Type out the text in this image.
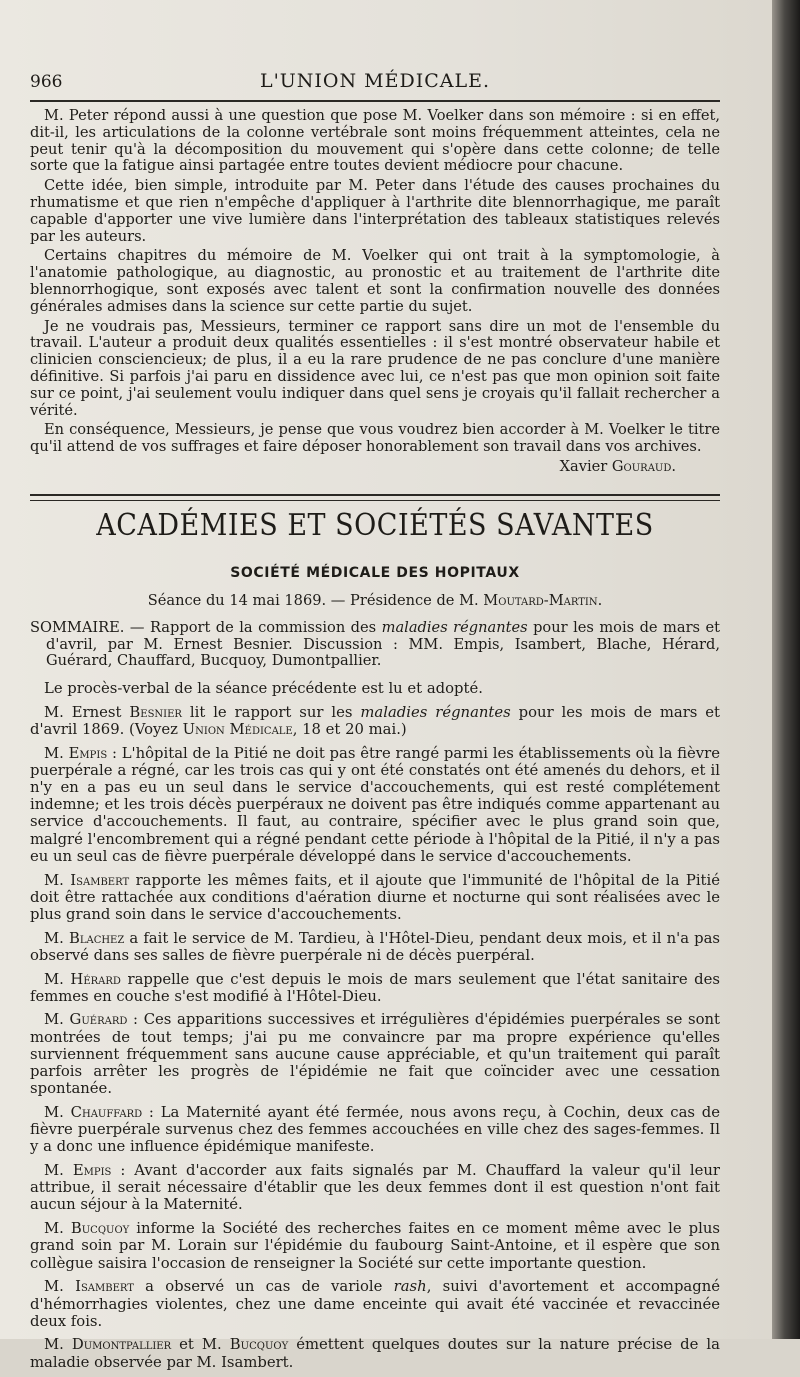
966	L'UNION MÉDICALE.

M. Peter répond aussi à une question que pose M. Voelker dans son mémoire : si en effet, dit-il, les articulations de la colonne vertébrale sont moins fréquemment atteintes, cela ne peut tenir qu'à la décomposition du mouvement qui s'opère dans cette colonne; de telle sorte que la fatigue ainsi partagée entre toutes devient médiocre pour chacune.

Cette idée, bien simple, introduite par M. Peter dans l'étude des causes prochaines du rhumatisme et que rien n'empêche d'appliquer à l'arthrite dite blennorrhagique, me paraît capable d'apporter une vive lumière dans l'interprétation des tableaux statistiques relevés par les auteurs.

Certains chapitres du mémoire de M. Voelker qui ont trait à la symptomologie, à l'anatomie pathologique, au diagnostic, au pronostic et au traitement de l'arthrite dite blennorrhogique, sont exposés avec talent et sont la confirmation nouvelle des données générales admises dans la science sur cette partie du sujet.

Je ne voudrais pas, Messieurs, terminer ce rapport sans dire un mot de l'ensemble du travail. L'auteur a produit deux qualités essentielles : il s'est montré observateur habile et clinicien consciencieux; de plus, il a eu la rare prudence de ne pas conclure d'une manière définitive. Si parfois j'ai paru en dissidence avec lui, ce n'est pas que mon opinion soit faite sur ce point, j'ai seulement voulu indiquer dans quel sens je croyais qu'il fallait rechercher a vérité.

En conséquence, Messieurs, je pense que vous voudrez bien accorder à M. Voelker le titre qu'il attend de vos suffrages et faire déposer honorablement son travail dans vos archives.

Xavier Gouraud.
ACADÉMIES ET SOCIÉTÉS SAVANTES
SOCIÉTÉ MÉDICALE DES HOPITAUX
Séance du 14 mai 1869. — Présidence de M. Moutard-Martin.
SOMMAIRE. — Rapport de la commission des maladies régnantes pour les mois de mars et d'avril, par M. Ernest Besnier. Discussion : MM. Empis, Isambert, Blache, Hérard, Guérard, Chauffard, Bucquoy, Dumontpallier.

Le procès-verbal de la séance précédente est lu et adopté.

M. Ernest Besnier lit le rapport sur les maladies régnantes pour les mois de mars et d'avril 1869. (Voyez Union Médicale, 18 et 20 mai.)

M. Empis : L'hôpital de la Pitié ne doit pas être rangé parmi les établissements où la fièvre puerpérale a régné, car les trois cas qui y ont été constatés ont été amenés du dehors, et il n'y en a pas eu un seul dans le service d'accouchements, qui est resté complétement indemne; et les trois décès puerpéraux ne doivent pas être indiqués comme appartenant au service d'accouchements. Il faut, au contraire, spécifier avec le plus grand soin que, malgré l'encombrement qui a régné pendant cette période à l'hôpital de la Pitié, il n'y a pas eu un seul cas de fièvre puerpérale développé dans le service d'accouchements.

M. Isambert rapporte les mêmes faits, et il ajoute que l'immunité de l'hôpital de la Pitié doit être rattachée aux conditions d'aération diurne et nocturne qui sont réalisées avec le plus grand soin dans le service d'accouchements.

M. Blachez a fait le service de M. Tardieu, à l'Hôtel-Dieu, pendant deux mois, et il n'a pas observé dans ses salles de fièvre puerpérale ni de décès puerpéral.

M. Hérard rappelle que c'est depuis le mois de mars seulement que l'état sanitaire des femmes en couche s'est modifié à l'Hôtel-Dieu.

M. Guérard : Ces apparitions successives et irrégulières d'épidémies puerpérales se sont montrées de tout temps; j'ai pu me convaincre par ma propre expérience qu'elles surviennent fréquemment sans aucune cause appréciable, et qu'un traitement qui paraît parfois arrêter les progrès de l'épidémie ne fait que coïncider avec une cessation spontanée.

M. Chauffard : La Maternité ayant été fermée, nous avons reçu, à Cochin, deux cas de fièvre puerpérale survenus chez des femmes accouchées en ville chez des sages-femmes. Il y a donc une influence épidémique manifeste.

M. Empis : Avant d'accorder aux faits signalés par M. Chauffard la valeur qu'il leur attribue, il serait nécessaire d'établir que les deux femmes dont il est question n'ont fait aucun séjour à la Maternité.

M. Bucquoy informe la Société des recherches faites en ce moment même avec le plus grand soin par M. Lorain sur l'épidémie du faubourg Saint-Antoine, et il espère que son collègue saisira l'occasion de renseigner la Société sur cette importante question.

M. Isambert a observé un cas de variole rash, suivi d'avortement et accompagné d'hémorrhagies violentes, chez une dame enceinte qui avait été vaccinée et revaccinée deux fois.

M. Dumontpallier et M. Bucquoy émettent quelques doutes sur la nature précise de la maladie observée par M. Isambert.
